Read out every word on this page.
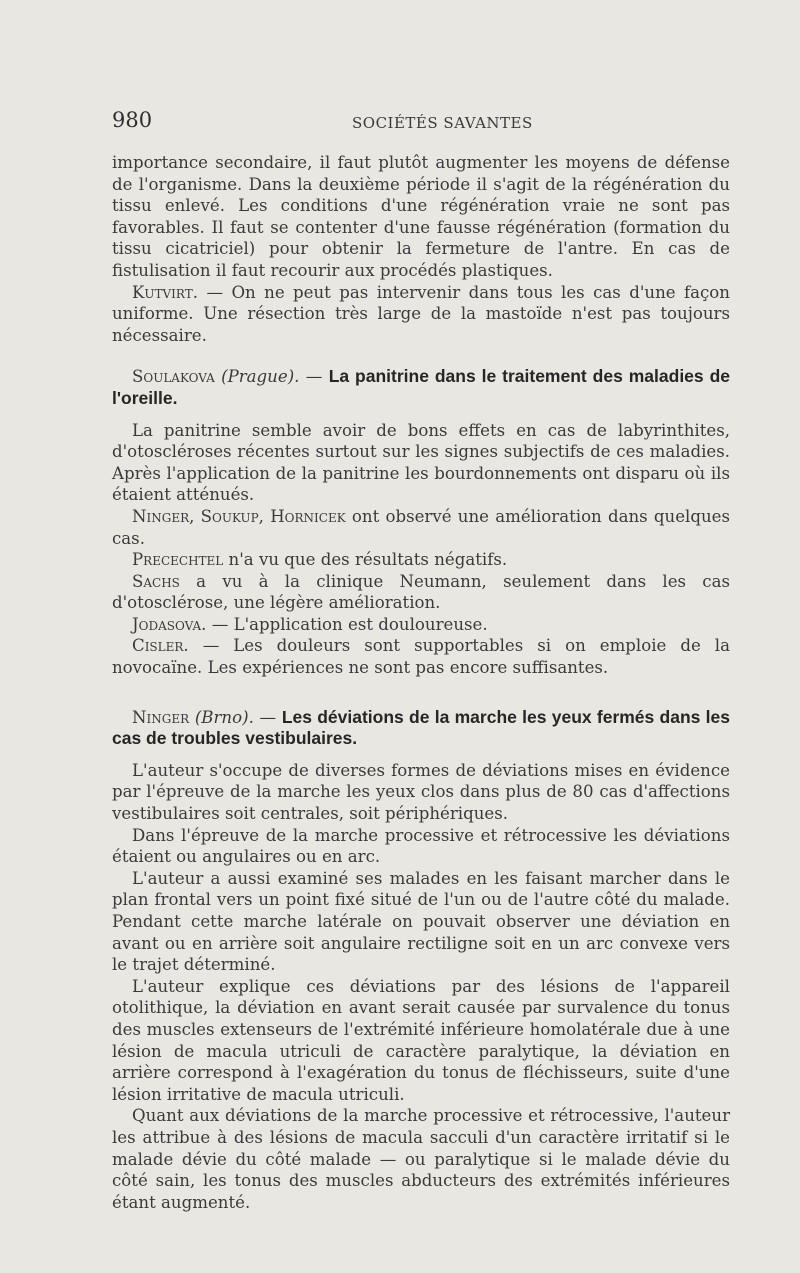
980	SOCIÉTÉS SAVANTES

importance secondaire, il faut plutôt augmenter les moyens de défense de l'organisme. Dans la deuxième période il s'agit de la régénération du tissu enlevé. Les conditions d'une régénération vraie ne sont pas favorables. Il faut se contenter d'une fausse régénération (formation du tissu cicatriciel) pour obtenir la fermeture de l'antre. En cas de fistulisation il faut recourir aux procédés plastiques.

Kutvirt. — On ne peut pas intervenir dans tous les cas d'une façon uniforme. Une résection très large de la mastoïde n'est pas toujours nécessaire.

Soulakova (Prague). — La panitrine dans le traitement des maladies de l'oreille.

La panitrine semble avoir de bons effets en cas de labyrinthites, d'otoscléroses récentes surtout sur les signes subjectifs de ces maladies. Après l'application de la panitrine les bourdonnements ont disparu où ils étaient atténués.

Ninger, Soukup, Hornicek ont observé une amélioration dans quelques cas.

Precechtel n'a vu que des résultats négatifs.

Sachs a vu à la clinique Neumann, seulement dans les cas d'otosclérose, une légère amélioration.

Jodasova. — L'application est douloureuse.

Cisler. — Les douleurs sont supportables si on emploie de la novocaïne. Les expériences ne sont pas encore suffisantes.

Ninger (Brno). — Les déviations de la marche les yeux fermés dans les cas de troubles vestibulaires.

L'auteur s'occupe de diverses formes de déviations mises en évidence par l'épreuve de la marche les yeux clos dans plus de 80 cas d'affections vestibulaires soit centrales, soit périphériques.

Dans l'épreuve de la marche processive et rétrocessive les déviations étaient ou angulaires ou en arc.

L'auteur a aussi examiné ses malades en les faisant marcher dans le plan frontal vers un point fixé situé de l'un ou de l'autre côté du malade. Pendant cette marche latérale on pouvait observer une déviation en avant ou en arrière soit angulaire rectiligne soit en un arc convexe vers le trajet déterminé.

L'auteur explique ces déviations par des lésions de l'appareil otolithique, la déviation en avant serait causée par survalence du tonus des muscles extenseurs de l'extrémité inférieure homolatérale due à une lésion de macula utriculi de caractère paralytique, la déviation en arrière correspond à l'exagération du tonus de fléchisseurs, suite d'une lésion irritative de macula utriculi.

Quant aux déviations de la marche processive et rétrocessive, l'auteur les attribue à des lésions de macula sacculi d'un caractère irritatif si le malade dévie du côté malade — ou paralytique si le malade dévie du côté sain, les tonus des muscles abducteurs des extrémités inférieures étant augmenté.
